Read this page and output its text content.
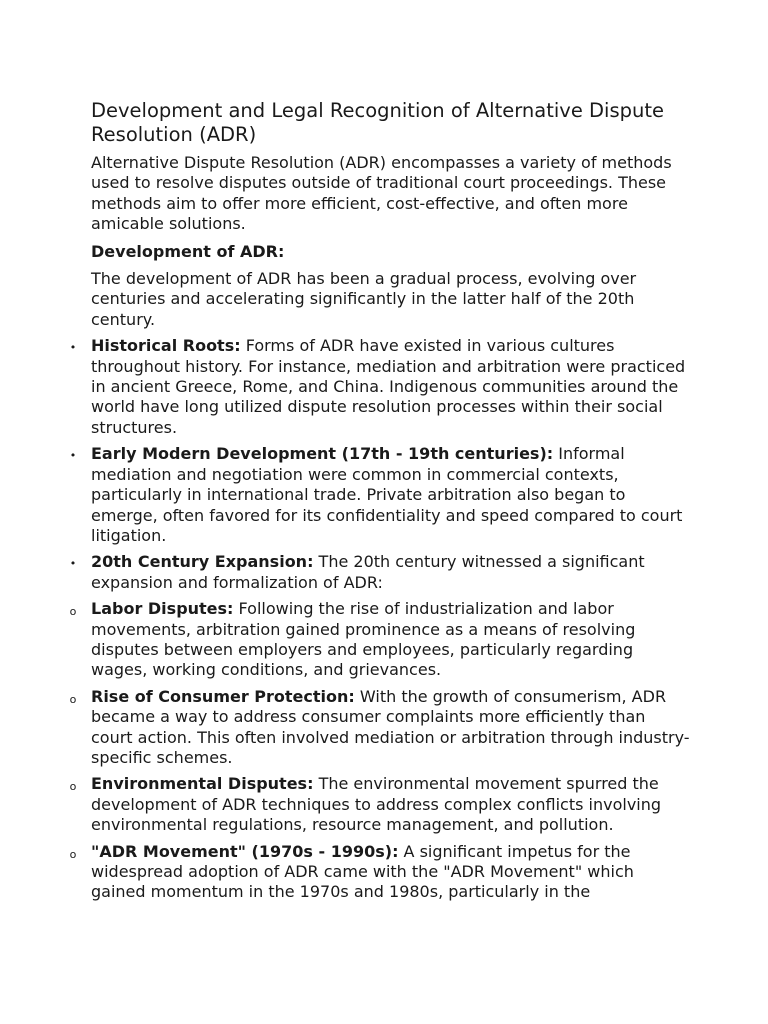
Development and Legal Recognition of Alternative Dispute Resolution (ADR)

Alternative Dispute Resolution (ADR) encompasses a variety of methods used to resolve disputes outside of traditional court proceedings. These methods aim to offer more efficient, cost-effective, and often more amicable solutions.

Development of ADR:

The development of ADR has been a gradual process, evolving over centuries and accelerating significantly in the latter half of the 20th century.

• Historical Roots: Forms of ADR have existed in various cultures throughout history. For instance, mediation and arbitration were practiced in ancient Greece, Rome, and China. Indigenous communities around the world have long utilized dispute resolution processes within their social structures.
• Early Modern Development (17th - 19th centuries): Informal mediation and negotiation were common in commercial contexts, particularly in international trade. Private arbitration also began to emerge, often favored for its confidentiality and speed compared to court litigation.
• 20th Century Expansion: The 20th century witnessed a significant expansion and formalization of ADR:
o Labor Disputes: Following the rise of industrialization and labor movements, arbitration gained prominence as a means of resolving disputes between employers and employees, particularly regarding wages, working conditions, and grievances.
o Rise of Consumer Protection: With the growth of consumerism, ADR became a way to address consumer complaints more efficiently than court action. This often involved mediation or arbitration through industry-specific schemes.
o Environmental Disputes: The environmental movement spurred the development of ADR techniques to address complex conflicts involving environmental regulations, resource management, and pollution.
o "ADR Movement" (1970s - 1990s): A significant impetus for the widespread adoption of ADR came with the "ADR Movement" which gained momentum in the 1970s and 1980s, particularly in the
